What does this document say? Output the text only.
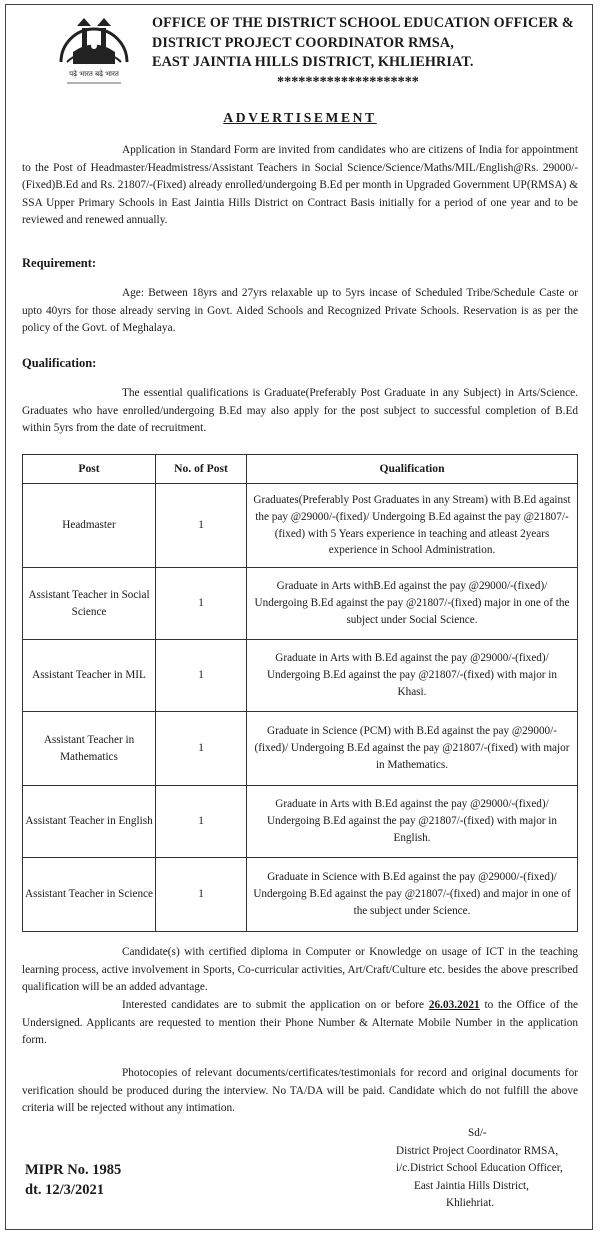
पढ़े भारत बढ़े भारत
OFFICE OF THE DISTRICT SCHOOL EDUCATION OFFICER &
DISTRICT PROJECT COORDINATOR RMSA,
EAST JAINTIA HILLS DISTRICT, KHLIEHRIAT.
********************
ADVERTISEMENT
Application in Standard Form are invited from candidates who are citizens of India for appointment to the Post of Headmaster/Headmistress/Assistant Teachers in Social Science/Science/Maths/MIL/English@Rs. 29000/-(Fixed)B.Ed and Rs. 21807/-(Fixed) already enrolled/undergoing B.Ed per month in Upgraded Government UP(RMSA) & SSA Upper Primary Schools in East Jaintia Hills District on Contract Basis initially for a period of one year and to be reviewed and renewed annually.
Requirement:
Age: Between 18yrs and 27yrs relaxable up to 5yrs incase of Scheduled Tribe/Schedule Caste or upto 40yrs for those already serving in Govt. Aided Schools and Recognized Private Schools. Reservation is as per the policy of the Govt. of Meghalaya.
Qualification:
The essential qualifications is Graduate(Preferably Post Graduate in any Subject) in Arts/Science. Graduates who have enrolled/undergoing B.Ed may also apply for the post subject to successful completion of B.Ed within 5yrs from the date of recruitment.
Post	No. of Post	Qualification
Headmaster	1	Graduates(Preferably Post Graduates in any Stream) with B.Ed against the pay @29000/-(fixed)/ Undergoing B.Ed against the pay @21807/-(fixed) with 5 Years experience in teaching and atleast 2years experience in School Administration.
Assistant Teacher in Social Science	1	Graduate in Arts withB.Ed against the pay @29000/-(fixed)/ Undergoing B.Ed against the pay @21807/-(fixed) major in one of the subject under Social Science.
Assistant Teacher in MIL	1	Graduate in Arts with B.Ed against the pay @29000/-(fixed)/ Undergoing B.Ed against the pay @21807/-(fixed) with major in Khasi.
Assistant Teacher in Mathematics	1	Graduate in Science (PCM) with B.Ed against the pay @29000/-(fixed)/ Undergoing B.Ed against the pay @21807/-(fixed) with major in Mathematics.
Assistant Teacher in English	1	Graduate in Arts with B.Ed against the pay @29000/-(fixed)/ Undergoing B.Ed against the pay @21807/-(fixed) with major in English.
Assistant Teacher in Science	1	Graduate in Science with B.Ed against the pay @29000/-(fixed)/ Undergoing B.Ed against the pay @21807/-(fixed) and major in one of the subject under Science.
Candidate(s) with certified diploma in Computer or Knowledge on usage of ICT in the teaching learning process, active involvement in Sports, Co-curricular activities, Art/Craft/Culture etc. besides the above prescribed qualification will be an added advantage.
Interested candidates are to submit the application on or before 26.03.2021 to the Office of the Undersigned. Applicants are requested to mention their Phone Number & Alternate Mobile Number in the application form.
Photocopies of relevant documents/certificates/testimonials for record and original documents for verification should be produced during the interview. No TA/DA will be paid. Candidate which do not fulfill the above criteria will be rejected without any intimation.
MIPR No. 1985
dt. 12/3/2021
Sd/-
District Project Coordinator RMSA,
i/c.District School Education Officer,
East Jaintia Hills District,
Khliehriat.
